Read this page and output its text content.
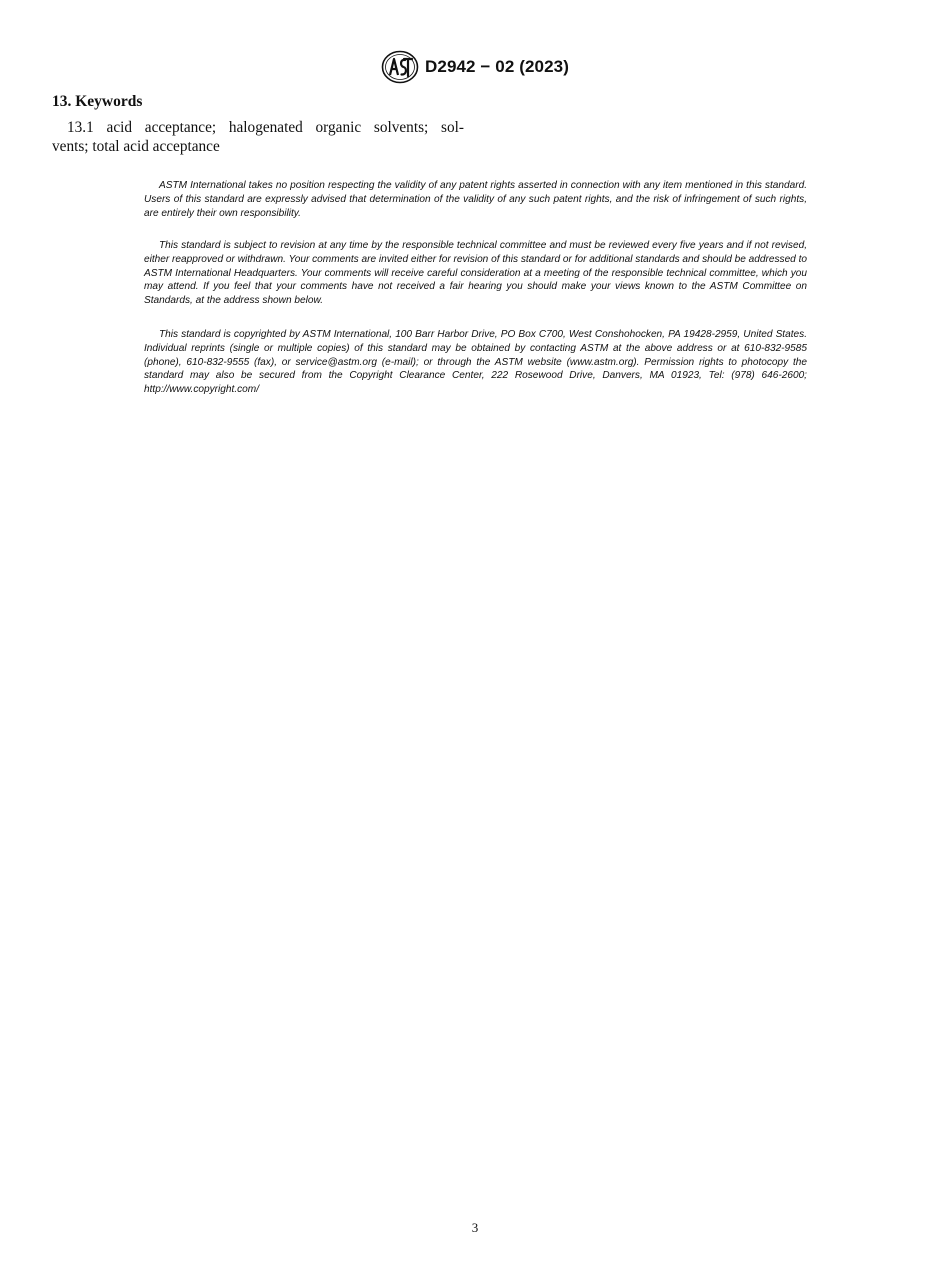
D2942 − 02 (2023)
13. Keywords
13.1 acid acceptance; halogenated organic solvents; sol-
vents; total acid acceptance

ASTM International takes no position respecting the validity of any patent rights asserted in connection with any item mentioned in this standard. Users of this standard are expressly advised that determination of the validity of any such patent rights, and the risk of infringement of such rights, are entirely their own responsibility.

This standard is subject to revision at any time by the responsible technical committee and must be reviewed every five years and if not revised, either reapproved or withdrawn. Your comments are invited either for revision of this standard or for additional standards and should be addressed to ASTM International Headquarters. Your comments will receive careful consideration at a meeting of the responsible technical committee, which you may attend. If you feel that your comments have not received a fair hearing you should make your views known to the ASTM Committee on Standards, at the address shown below.

This standard is copyrighted by ASTM International, 100 Barr Harbor Drive, PO Box C700, West Conshohocken, PA 19428-2959, United States. Individual reprints (single or multiple copies) of this standard may be obtained by contacting ASTM at the above address or at 610-832-9585 (phone), 610-832-9555 (fax), or service@astm.org (e-mail); or through the ASTM website (www.astm.org). Permission rights to photocopy the standard may also be secured from the Copyright Clearance Center, 222 Rosewood Drive, Danvers, MA 01923, Tel: (978) 646-2600; http://www.copyright.com/

3
